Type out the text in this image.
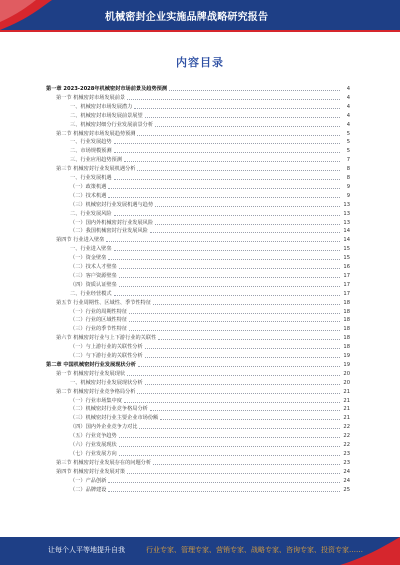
机械密封企业实施品牌战略研究报告
内容目录
第一章 2023-2028年机械密封市场前景及趋势预测	4
第一节 机械密封市场发展前景	4
一、机械密封市场发展潜力	4
二、机械密封市场发展前景展望	4
三、机械密封细分行业发展前景分析	4
第二节 机械密封市场发展趋势预测	5
一、行业发展趋势	5
二、市场规模预测	5
三、行业应用趋势预测	7
第三节 机械密封行业发展机遇分析	8
一、行业发展机遇	8
（一）政策机遇	9
（二）技术机遇	9
（三）机械密封行业发展机遇与趋势	13
二、行业发展风险	13
（一）国内外机械密封行业发展风险	13
（二）我国机械密封行业发展风险	14
第四节 行业进入壁垒	14
一、行业进入壁垒	15
（一）资金壁垒	15
（二）技术人才壁垒	16
（三）客户资源壁垒	17
（四）资质认证壁垒	17
二、行业经营模式	17
第五节 行业周期性、区域性、季节性特征	18
（一）行业的周期性特征	18
（二）行业的区域性特征	18
（三）行业的季节性特征	18
第六节 机械密封行业与上下游行业的关联性	18
（一）与上游行业的关联性分析	18
（二）与下游行业的关联性分析	19
第二章 中国机械密封行业发展现状分析	19
第一节 机械密封行业发展现状	20
一、机械密封行业发展现状分析	20
第二节 机械密封行业竞争格局分析	21
（一）行业市场集中度	21
（二）机械密封行业竞争格局分析	21
（三）机械密封行业主要企业市场份额	21
（四）国内外企业竞争力对比	22
（五）行业竞争趋势	22
（六）行业发展现状	22
（七）行业发展方向	23
第三节 机械密封行业发展存在的问题分析	23
第四节 机械密封行业发展对策	24
（一）产品创新	24
（二）品牌建设	25
让每个人平等地提升自我	行业专家、管理专家、营销专家、战略专家、咨询专家、投资专家……
